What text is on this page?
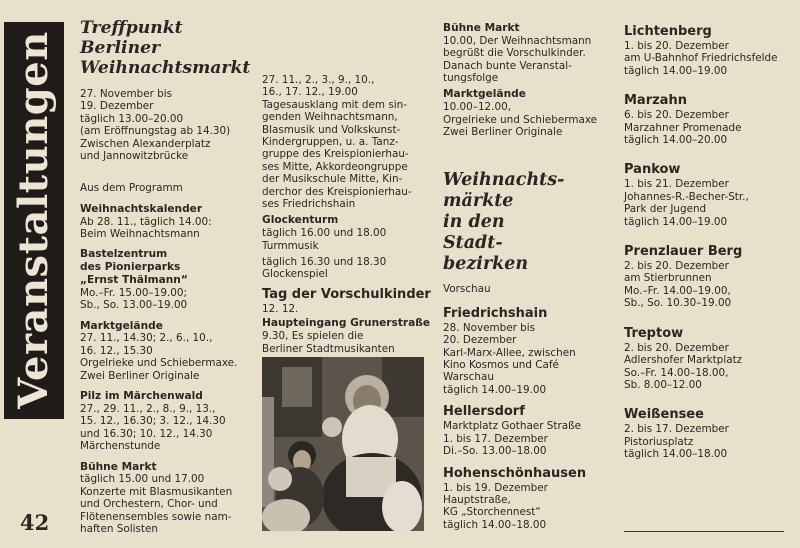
Veranstaltungen
42
Treffpunkt
Berliner Weihnachtsmarkt
27. November bis
19. Dezember
täglich 13.00–20.00
(am Eröffnungstag ab 14.30)
Zwischen Alexanderplatz
und Jannowitzbrücke
Aus dem Programm
Weihnachtskalender
Ab 28. 11., täglich 14.00:
Beim Weihnachtsmann
Bastelzentrum
des Pionierparks
„Ernst Thälmann“
Mo.–Fr. 15.00–19.00;
Sb., So. 13.00–19.00
Marktgelände
27. 11., 14.30; 2., 6., 10.,
16. 12., 15.30
Orgelrieke und Schiebermaxe.
Zwei Berliner Originale
Pilz im Märchenwald
27., 29. 11., 2., 8., 9., 13.,
15. 12., 16.30; 3. 12., 14.30
und 16.30; 10. 12., 14.30
Märchenstunde
Bühne Markt
täglich 15.00 und 17.00
Konzerte mit Blasmusikanten
und Orchestern, Chor- und
Flötenensembles sowie nam-
haften Solisten
27. 11., 2., 3., 9., 10.,
16., 17. 12., 19.00
Tagesausklang mit dem sin-
genden Weihnachtsmann,
Blasmusik und Volkskunst-
Kindergruppen, u. a. Tanz-
gruppe des Kreispionierhau-
ses Mitte, Akkordeongruppe
der Musikschule Mitte, Kin-
derchor des Kreispionierhau-
ses Friedrichshain
Glockenturm
täglich 16.00 und 18.00
Turmmusik
täglich 16.30 und 18.30
Glockenspiel
Tag der Vorschulkinder
12. 12.
Haupteingang Grunerstraße
9.30, Es spielen die
Berliner Stadtmusikanten
Bühne Markt
10.00, Der Weihnachtsmann
begrüßt die Vorschulkinder.
Danach bunte Veranstal-
tungsfolge
Marktgelände
10.00–12.00,
Orgelrieke und Schiebermaxe
Zwei Berliner Originale
Weihnachts-
märkte
in den
Stadt-
bezirken
Vorschau
Friedrichshain
28. November bis
20. Dezember
Karl-Marx-Allee, zwischen
Kino Kosmos und Café
Warschau
täglich 14.00–19.00
Hellersdorf
Marktplatz Gothaer Straße
1. bis 17. Dezember
Di.–So. 13.00–18.00
Hohenschönhausen
1. bis 19. Dezember
Hauptstraße,
KG „Storchennest“
täglich 14.00–18.00
Lichtenberg
1. bis 20. Dezember
am U-Bahnhof Friedrichsfelde
täglich 14.00–19.00
Marzahn
6. bis 20. Dezember
Marzahner Promenade
täglich 14.00–20.00
Pankow
1. bis 21. Dezember
Johannes-R.-Becher-Str.,
Park der Jugend
täglich 14.00–19.00
Prenzlauer Berg
2. bis 20. Dezember
am Stierbrunnen
Mo.–Fr. 14.00–19.00,
Sb., So. 10.30–19.00
Treptow
2. bis 20. Dezember
Adlershofer Marktplatz
So.–Fr. 14.00–18.00,
Sb. 8.00–12.00
Weißensee
2. bis 17. Dezember
Pistoriusplatz
täglich 14.00–18.00
